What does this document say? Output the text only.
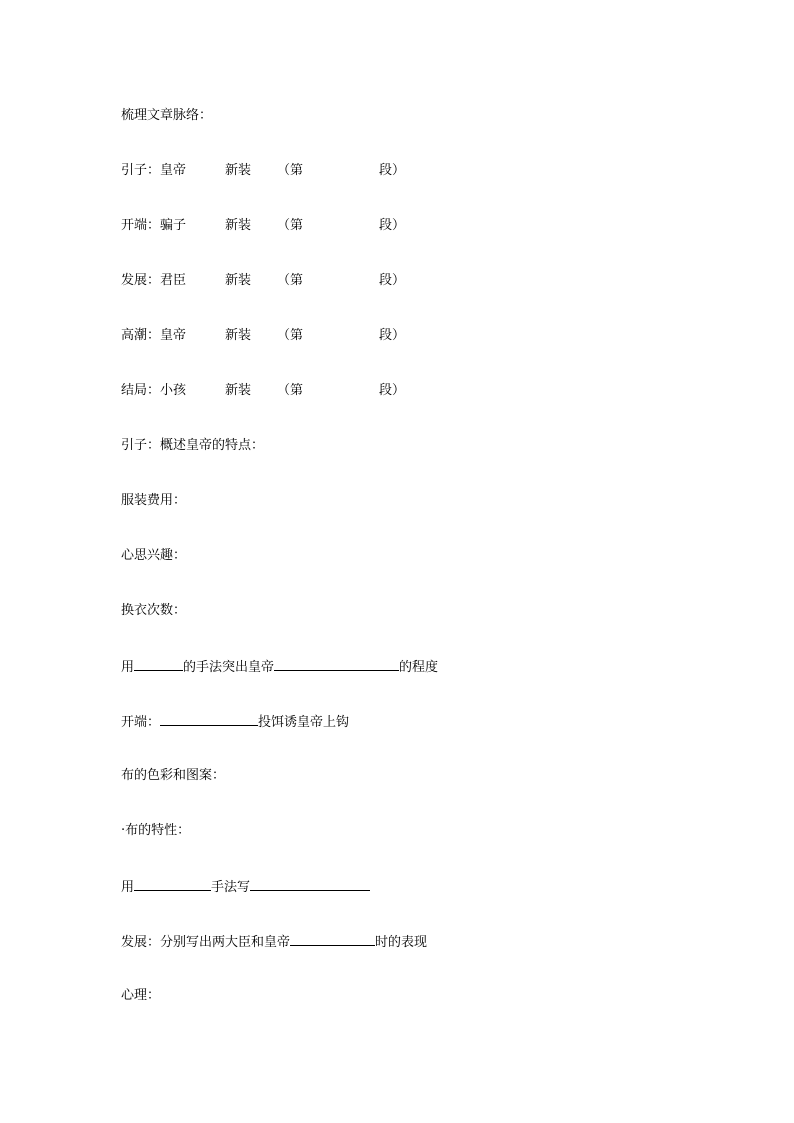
梳理文章脉络：
引子：皇帝	新装 （第	段）
开端：骗子	新装 （第	段）
发展：君臣	新装 （第	段）
高潮：皇帝	新装 （第	段）
结局：小孩	新装 （第	段）
引子：概述皇帝的特点：
服装费用：
心思兴趣：
换衣次数：
用	的手法突出皇帝	的程度
开端：	投饵诱皇帝上钩
布的色彩和图案：
·布的特性：
用	手法写
发展：分别写出两大臣和皇帝	时的表现
心理：
